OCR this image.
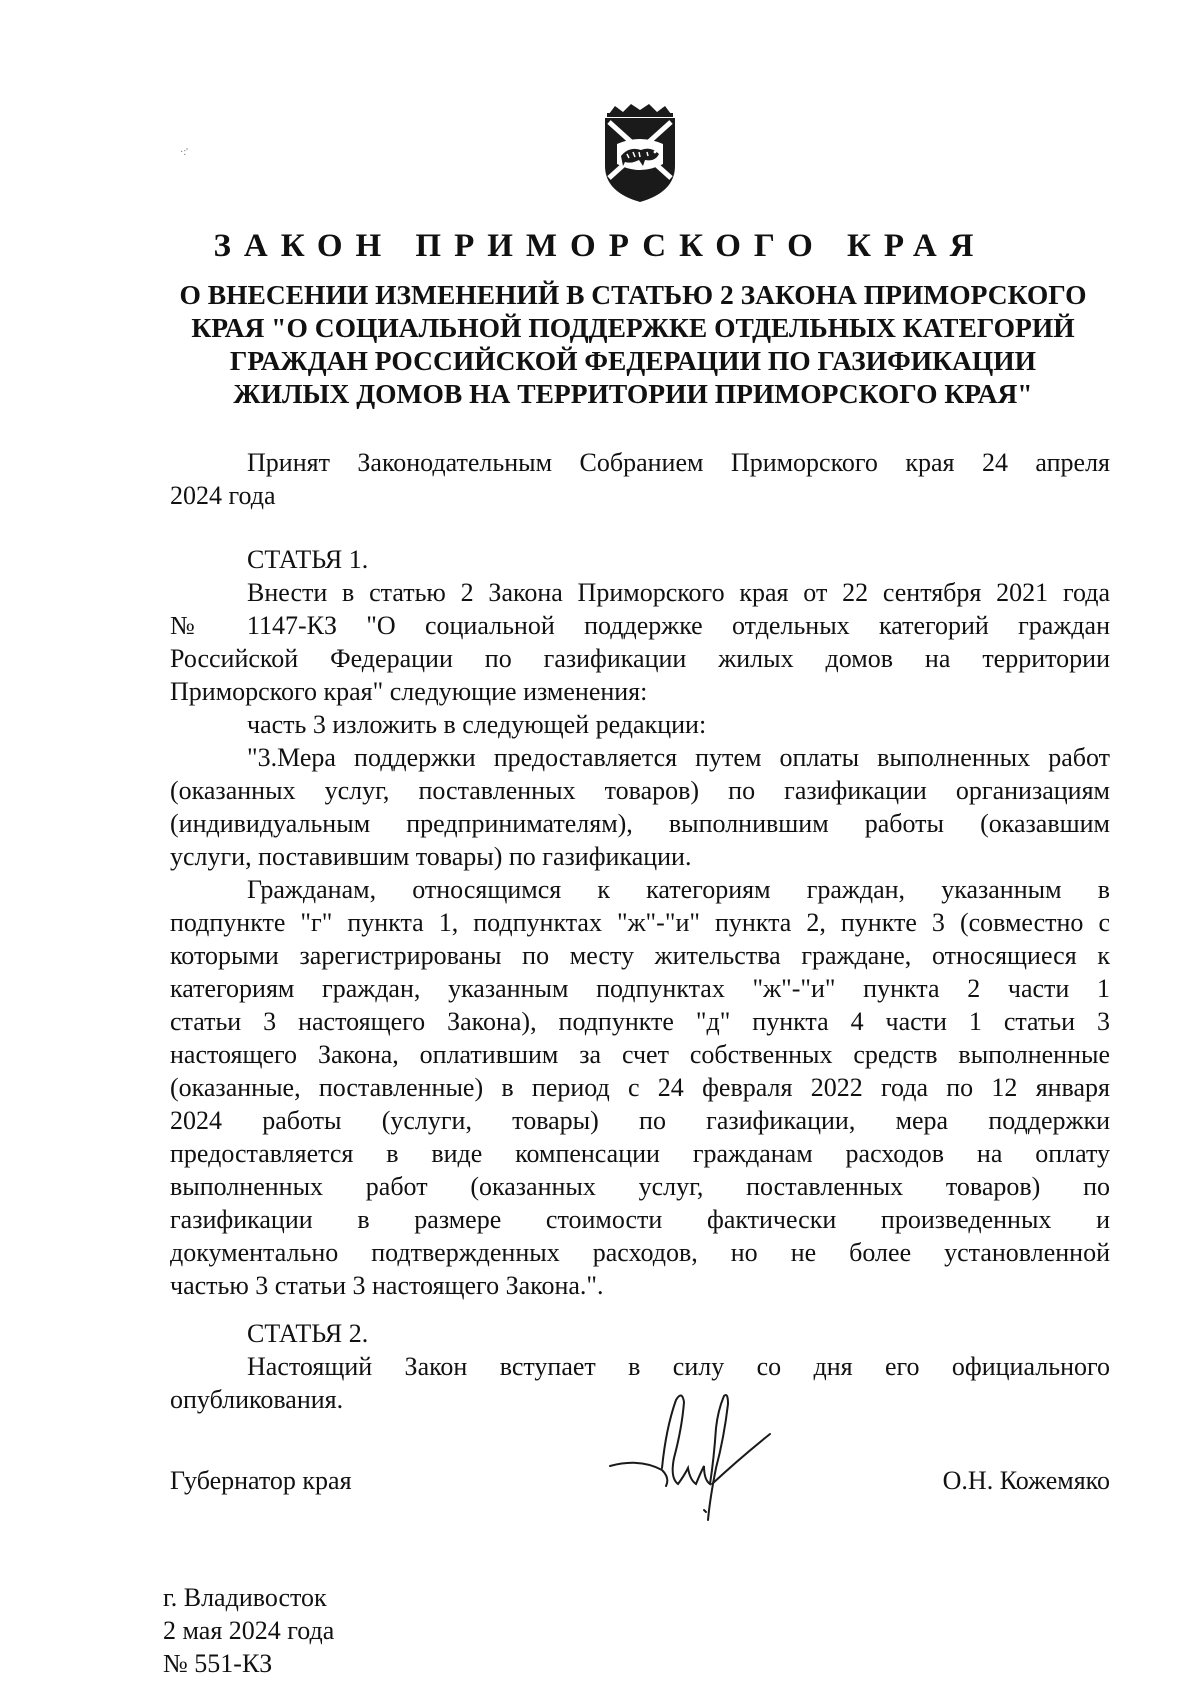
·:'
ЗАКОН ПРИМОРСКОГО КРАЯ
О ВНЕСЕНИИ ИЗМЕНЕНИЙ В СТАТЬЮ 2 ЗАКОНА ПРИМОРСКОГО
КРАЯ "О СОЦИАЛЬНОЙ ПОДДЕРЖКЕ ОТДЕЛЬНЫХ КАТЕГОРИЙ
ГРАЖДАН РОССИЙСКОЙ ФЕДЕРАЦИИ ПО ГАЗИФИКАЦИИ
ЖИЛЫХ ДОМОВ НА ТЕРРИТОРИИ ПРИМОРСКОГО КРАЯ"
Принят Законодательным Собранием Приморского края 24 апреля
2024 года
СТАТЬЯ 1.
Внести в статью 2 Закона Приморского края от 22 сентября 2021 года
№ 1147-КЗ "О социальной поддержке отдельных категорий граждан
Российской Федерации по газификации жилых домов на территории
Приморского края" следующие изменения:
часть 3 изложить в следующей редакции:
"3.Мера поддержки предоставляется путем оплаты выполненных работ
(оказанных услуг, поставленных товаров) по газификации организациям
(индивидуальным предпринимателям), выполнившим работы (оказавшим
услуги, поставившим товары) по газификации.
Гражданам, относящимся к категориям граждан, указанным в
подпункте "г" пункта 1, подпунктах "ж"-"и" пункта 2, пункте 3 (совместно с
которыми зарегистрированы по месту жительства граждане, относящиеся к
категориям граждан, указанным подпунктах "ж"-"и" пункта 2 части 1
статьи 3 настоящего Закона), подпункте "д" пункта 4 части 1 статьи 3
настоящего Закона, оплатившим за счет собственных средств выполненные
(оказанные, поставленные) в период с 24 февраля 2022 года по 12 января
2024 работы (услуги, товары) по газификации, мера поддержки
предоставляется в виде компенсации гражданам расходов на оплату
выполненных работ (оказанных услуг, поставленных товаров) по
газификации в размере стоимости фактически произведенных и
документально подтвержденных расходов, но не более установленной
частью 3 статьи 3 настоящего Закона.".
СТАТЬЯ 2.
Настоящий Закон вступает в силу со дня его официального
опубликования.
Губернатор края	О.Н. Кожемяко
г. Владивосток
2 мая 2024 года
№ 551-КЗ
